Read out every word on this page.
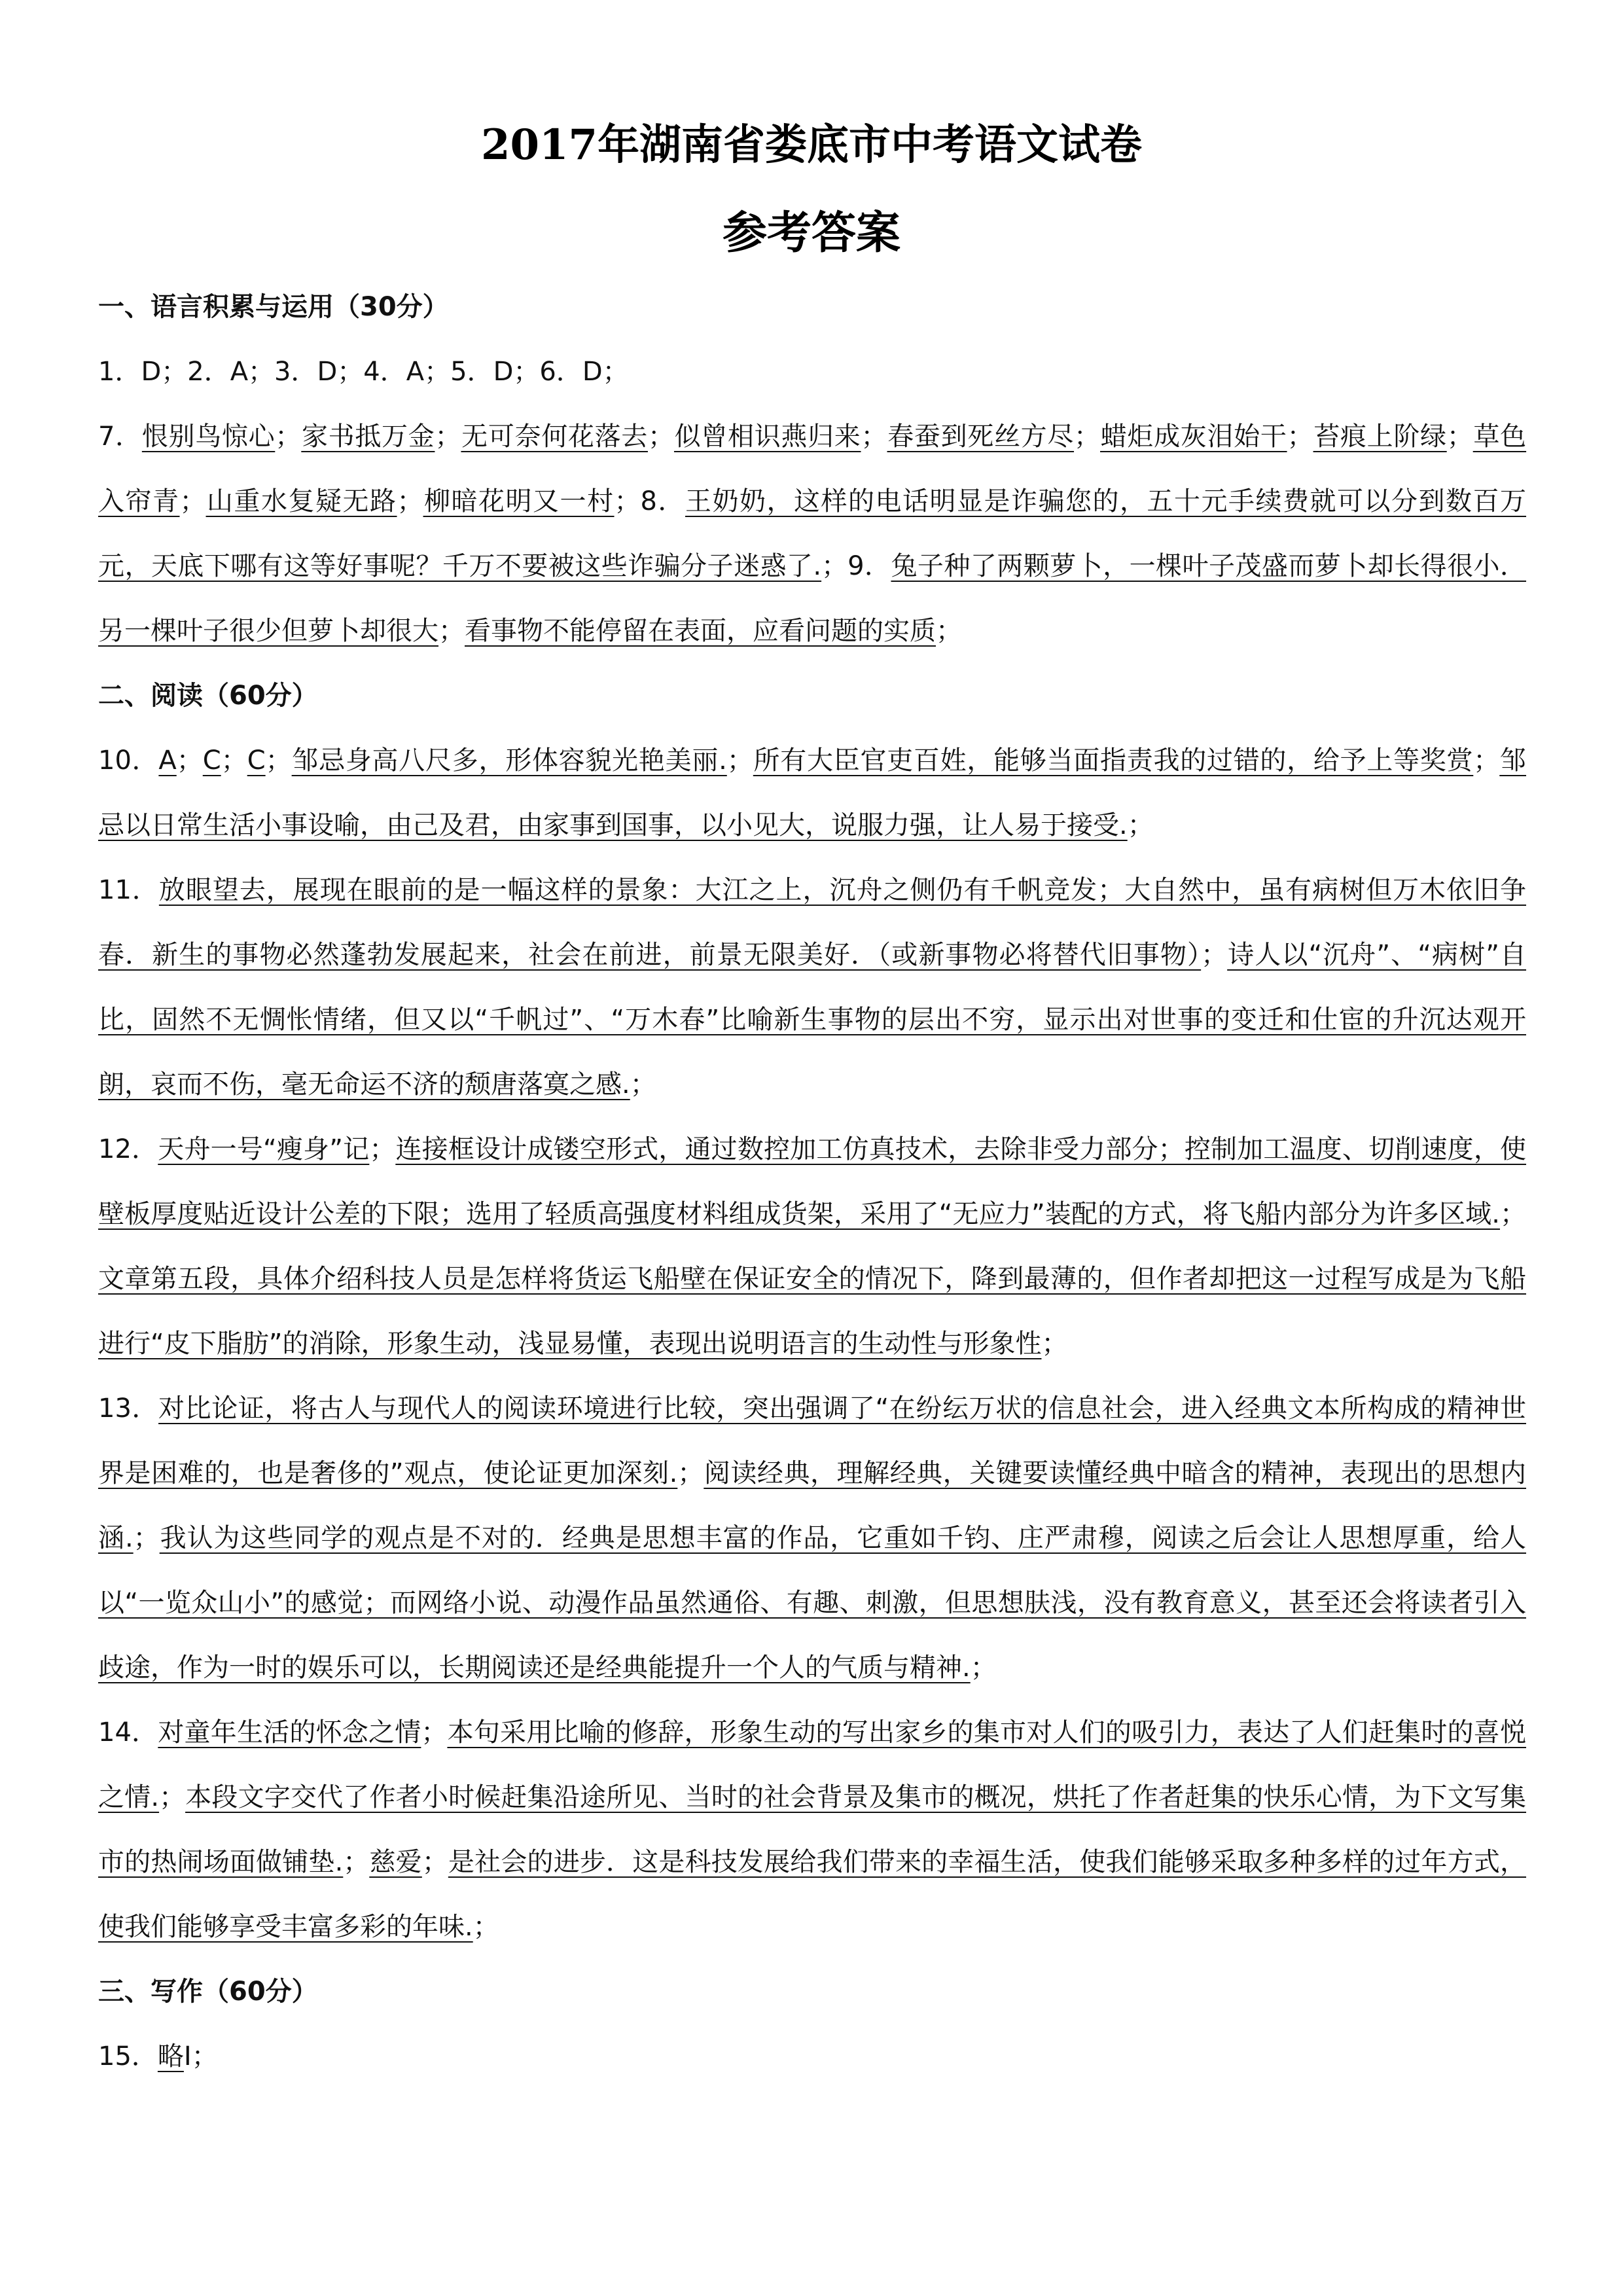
2017年湖南省娄底市中考语文试卷
参考答案

一、语言积累与运用（30分）

1．D；2．A；3．D；4．A；5．D；6．D；

7．恨别鸟惊心；家书抵万金；无可奈何花落去；似曾相识燕归来；春蚕到死丝方尽；蜡炬成灰泪始干；苔痕上阶绿；草色入帘青；山重水复疑无路；柳暗花明又一村；8．王奶奶，这样的电话明显是诈骗您的，五十元手续费就可以分到数百万元，天底下哪有这等好事呢？千万不要被这些诈骗分子迷惑了.；9．兔子种了两颗萝卜，一棵叶子茂盛而萝卜却长得很小．另一棵叶子很少但萝卜却很大；看事物不能停留在表面，应看问题的实质；

二、阅读（60分）

10．A；C；C；邹忌身高八尺多，形体容貌光艳美丽.；所有大臣官吏百姓，能够当面指责我的过错的，给予上等奖赏；邹忌以日常生活小事设喻，由己及君，由家事到国事，以小见大，说服力强，让人易于接受.；

11．放眼望去，展现在眼前的是一幅这样的景象：大江之上，沉舟之侧仍有千帆竞发；大自然中，虽有病树但万木依旧争春．新生的事物必然蓬勃发展起来，社会在前进，前景无限美好．（或新事物必将替代旧事物）；诗人以“沉舟”、“病树”自比，固然不无惆怅情绪，但又以“千帆过”、“万木春”比喻新生事物的层出不穷，显示出对世事的变迁和仕宦的升沉达观开朗，哀而不伤，毫无命运不济的颓唐落寞之感.；

12．天舟一号“瘦身”记；连接框设计成镂空形式，通过数控加工仿真技术，去除非受力部分；控制加工温度、切削速度，使壁板厚度贴近设计公差的下限；选用了轻质高强度材料组成货架，采用了“无应力”装配的方式，将飞船内部分为许多区域.；文章第五段，具体介绍科技人员是怎样将货运飞船壁在保证安全的情况下，降到最薄的，但作者却把这一过程写成是为飞船进行“皮下脂肪”的消除，形象生动，浅显易懂，表现出说明语言的生动性与形象性；

13．对比论证，将古人与现代人的阅读环境进行比较，突出强调了“在纷纭万状的信息社会，进入经典文本所构成的精神世界是困难的，也是奢侈的”观点，使论证更加深刻.；阅读经典，理解经典，关键要读懂经典中暗含的精神，表现出的思想内涵.；我认为这些同学的观点是不对的．经典是思想丰富的作品，它重如千钧、庄严肃穆，阅读之后会让人思想厚重，给人以“一览众山小”的感觉；而网络小说、动漫作品虽然通俗、有趣、刺激，但思想肤浅，没有教育意义，甚至还会将读者引入歧途，作为一时的娱乐可以，长期阅读还是经典能提升一个人的气质与精神.；

14．对童年生活的怀念之情；本句采用比喻的修辞，形象生动的写出家乡的集市对人们的吸引力，表达了人们赶集时的喜悦之情.；本段文字交代了作者小时候赶集沿途所见、当时的社会背景及集市的概况，烘托了作者赶集的快乐心情，为下文写集市的热闹场面做铺垫.；慈爱；是社会的进步．这是科技发展给我们带来的幸福生活，使我们能够采取多种多样的过年方式，使我们能够享受丰富多彩的年味.；

三、写作（60分）

15．略I；
